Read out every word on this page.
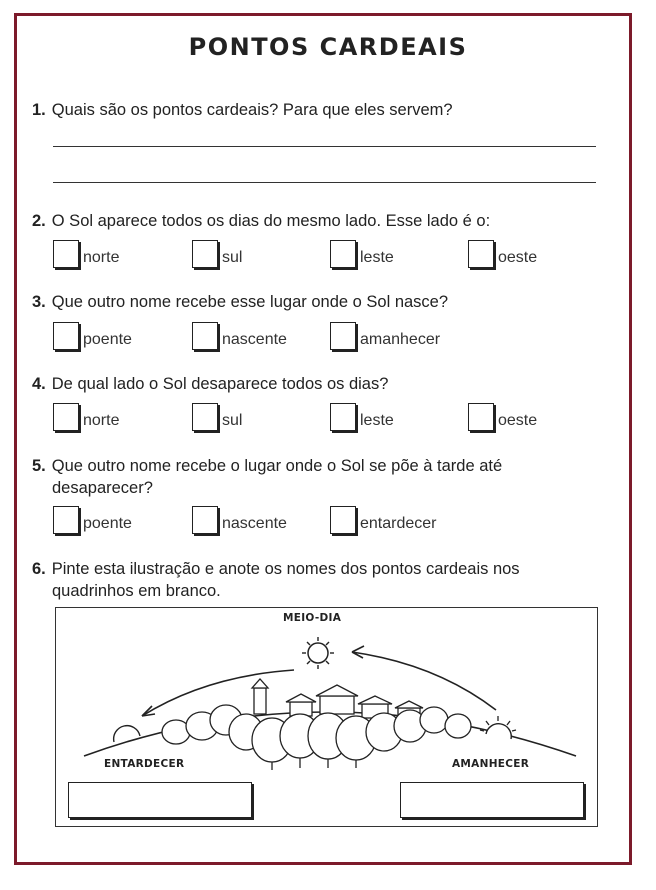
PONTOS CARDEAIS
1. Quais são os pontos cardeais? Para que eles servem?
2. O Sol aparece todos os dias do mesmo lado. Esse lado é o:
norte	sul	leste	oeste
3. Que outro nome recebe esse lugar onde o Sol nasce?
poente	nascente	amanhecer
4. De qual lado o Sol desaparece todos os dias?
norte	sul	leste	oeste
5. Que outro nome recebe o lugar onde o Sol se põe à tarde até
desaparecer?
poente	nascente	entardecer
6. Pinte esta ilustração e anote os nomes dos pontos cardeais nos
quadrinhos em branco.
MEIO-DIA
ENTARDECER	AMANHECER
